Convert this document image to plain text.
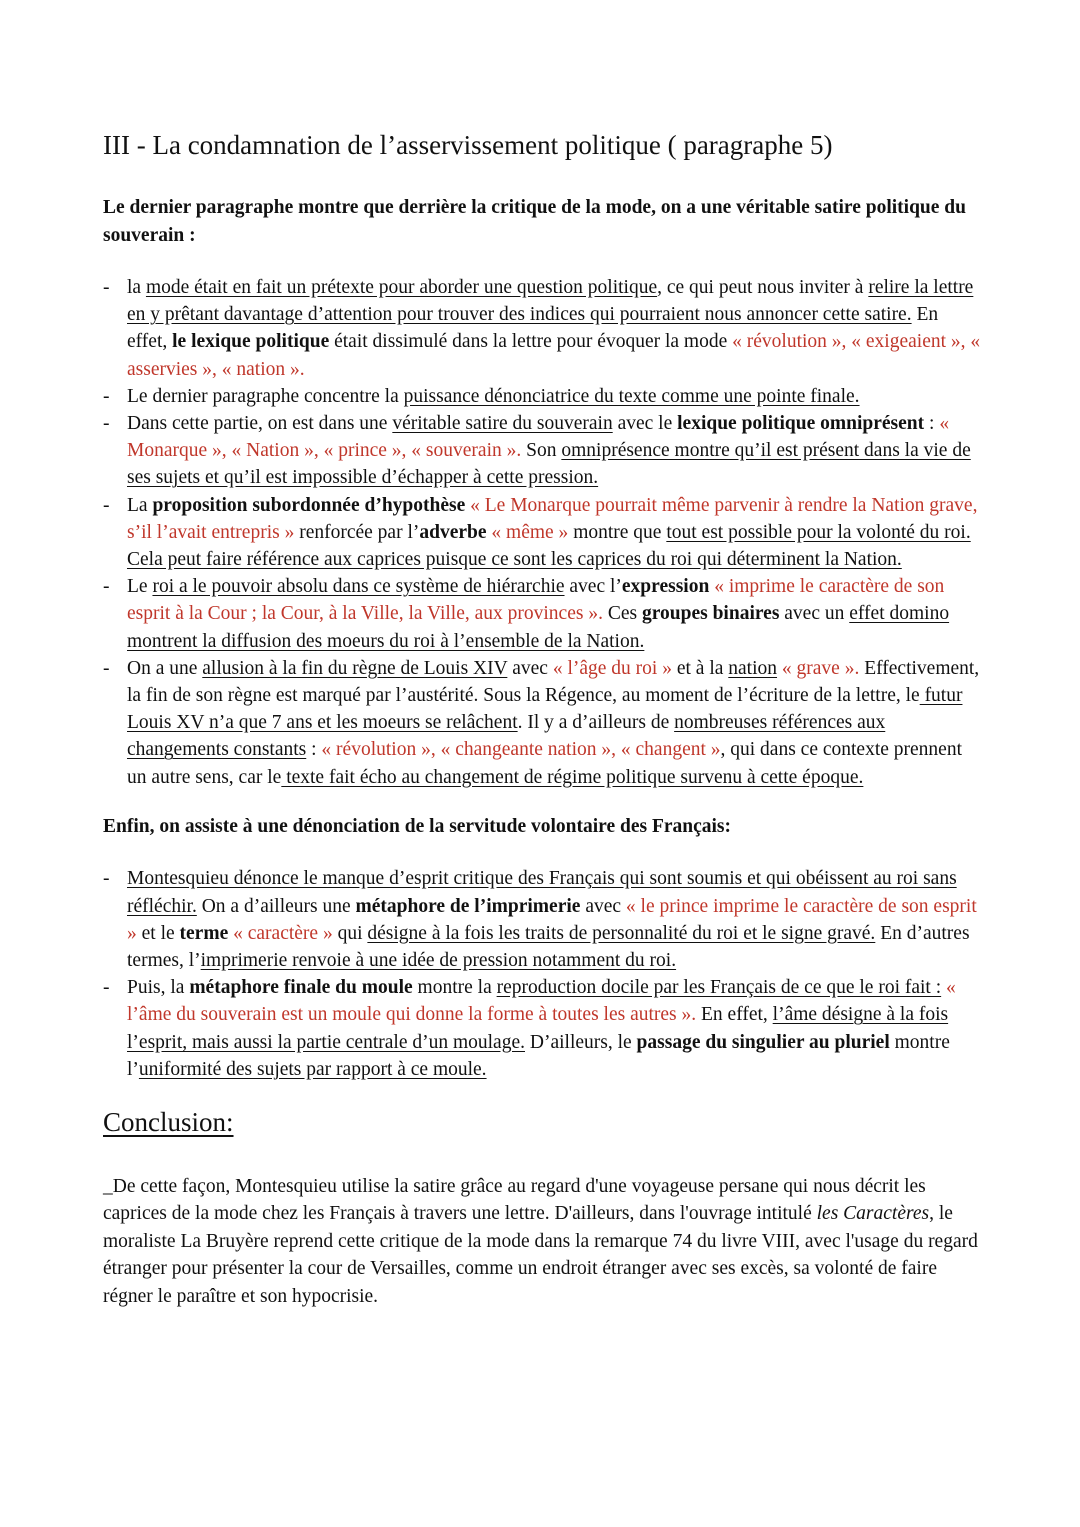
III - La condamnation de l’asservissement politique ( paragraphe 5)

Le dernier paragraphe montre que derrière la critique de la mode, on a une véritable satire politique du souverain :

- la mode était en fait un prétexte pour aborder une question politique, ce qui peut nous inviter à relire la lettre en y prêtant davantage d’attention pour trouver des indices qui pourraient nous annoncer cette satire. En effet, le lexique politique était dissimulé dans la lettre pour évoquer la mode « révolution », « exigeaient », « asservies », « nation ».
- Le dernier paragraphe concentre la puissance dénonciatrice du texte comme une pointe finale.
- Dans cette partie, on est dans une véritable satire du souverain avec le lexique politique omniprésent : « Monarque », « Nation », « prince », « souverain ». Son omniprésence montre qu’il est présent dans la vie de ses sujets et qu’il est impossible d’échapper à cette pression.
- La proposition subordonnée d’hypothèse « Le Monarque pourrait même parvenir à rendre la Nation grave, s’il l’avait entrepris » renforcée par l’adverbe « même » montre que tout est possible pour la volonté du roi. Cela peut faire référence aux caprices puisque ce sont les caprices du roi qui déterminent la Nation.
- Le roi a le pouvoir absolu dans ce système de hiérarchie avec l’expression « imprime le caractère de son esprit à la Cour ; la Cour, à la Ville, la Ville, aux provinces ». Ces groupes binaires avec un effet domino montrent la diffusion des moeurs du roi à l’ensemble de la Nation.
- On a une allusion à la fin du règne de Louis XIV avec « l’âge du roi » et à la nation « grave ». Effectivement, la fin de son règne est marqué par l’austérité. Sous la Régence, au moment de l’écriture de la lettre, le futur Louis XV n’a que 7 ans et les moeurs se relâchent. Il y a d’ailleurs de nombreuses références aux changements constants : « révolution », « changeante nation », « changent », qui dans ce contexte prennent un autre sens, car le texte fait écho au changement de régime politique survenu à cette époque.

Enfin, on assiste à une dénonciation de la servitude volontaire des Français:

- Montesquieu dénonce le manque d’esprit critique des Français qui sont soumis et qui obéissent au roi sans réfléchir. On a d’ailleurs une métaphore de l’imprimerie avec « le prince imprime le caractère de son esprit » et le terme « caractère » qui désigne à la fois les traits de personnalité du roi et le signe gravé. En d’autres termes, l’imprimerie renvoie à une idée de pression notamment du roi.
- Puis, la métaphore finale du moule montre la reproduction docile par les Français de ce que le roi fait : « l’âme du souverain est un moule qui donne la forme à toutes les autres ». En effet, l’âme désigne à la fois l’esprit, mais aussi la partie centrale d’un moulage. D’ailleurs, le passage du singulier au pluriel montre l’uniformité des sujets par rapport à ce moule.
Conclusion:

_De cette façon, Montesquieu utilise la satire grâce au regard d'une voyageuse persane qui nous décrit les caprices de la mode chez les Français à travers une lettre. D'ailleurs, dans l'ouvrage intitulé les Caractères, le moraliste La Bruyère reprend cette critique de la mode dans la remarque 74 du livre VIII, avec l'usage du regard étranger pour présenter la cour de Versailles, comme un endroit étranger avec ses excès, sa volonté de faire régner le paraître et son hypocrisie.
